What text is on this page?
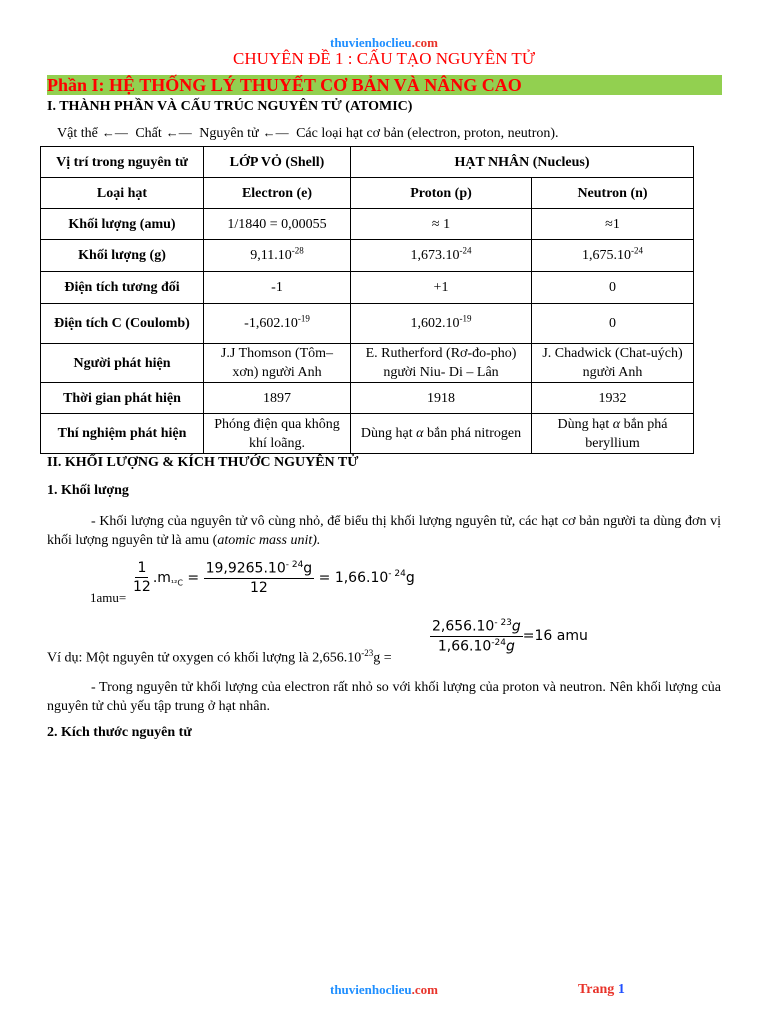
thuvienhoclieu.com
CHUYÊN ĐỀ 1 : CẤU TẠO NGUYÊN TỬ
Phần I: HỆ THỐNG LÝ THUYẾT CƠ BẢN VÀ NÂNG CAO
I. THÀNH PHẦN VÀ CẤU TRÚC NGUYÊN TỬ (ATOMIC)
Vật thể ←— Chất ←— Nguyên tử ←— Các loại hạt cơ bản (electron, proton, neutron).
Vị trí trong nguyên tử	LỚP VỎ (Shell)	HẠT NHÂN (Nucleus)	
Loại hạt	Electron (e)	Proton (p)	Neutron (n)
Khối lượng (amu)	1/1840 = 0,00055	≈ 1	≈1
Khối lượng (g)	$9,11.10^{-28}$	$1,673.10^{-24}$	$1,675.10^{-24}$
Điện tích tương đối	-1	+1	0
Điện tích C (Coulomb)	$-1,602.10^{-19}$	$1,602.10^{-19}$	0
Người phát hiện	J.J Thomson (Tôm–xơn) người Anh	E. Rutherford (Rơ-đo-pho) người Niu- Di – Lân	J. Chadwick (Chat-uých) người Anh
Thời gian phát hiện	1897	1918	1932
Thí nghiệm phát hiện	Phóng điện qua không khí loãng.	Dùng hạt α bắn phá nitrogen	Dùng hạt α bắn phá beryllium
II. KHỐI LƯỢNG & KÍCH THƯỚC NGUYÊN TỬ
1. Khối lượng
- Khối lượng của nguyên tử vô cùng nhỏ, để biểu thị khối lượng nguyên tử, các hạt cơ bản người ta dùng đơn vị khối lượng nguyên tử là amu (atomic mass unit).
1amu=
$\frac{1}{12} .m_{^{12}C} = \frac{19,9265.10^{- 24}g}{12} = 1,66.10^{- 24}g$
Ví dụ: Một nguyên tử oxygen có khối lượng là $2,656.10^{-23}g$ =
$\frac{2,656.10^{- 23}g}{1,66.10^{-24}g} =16$ amu
- Trong nguyên tử khối lượng của electron rất nhỏ so với khối lượng của proton và neutron. Nên khối lượng của nguyên tử chủ yếu tập trung ở hạt nhân.
2. Kích thước nguyên tử
thuvienhoclieu.com	Trang 1
